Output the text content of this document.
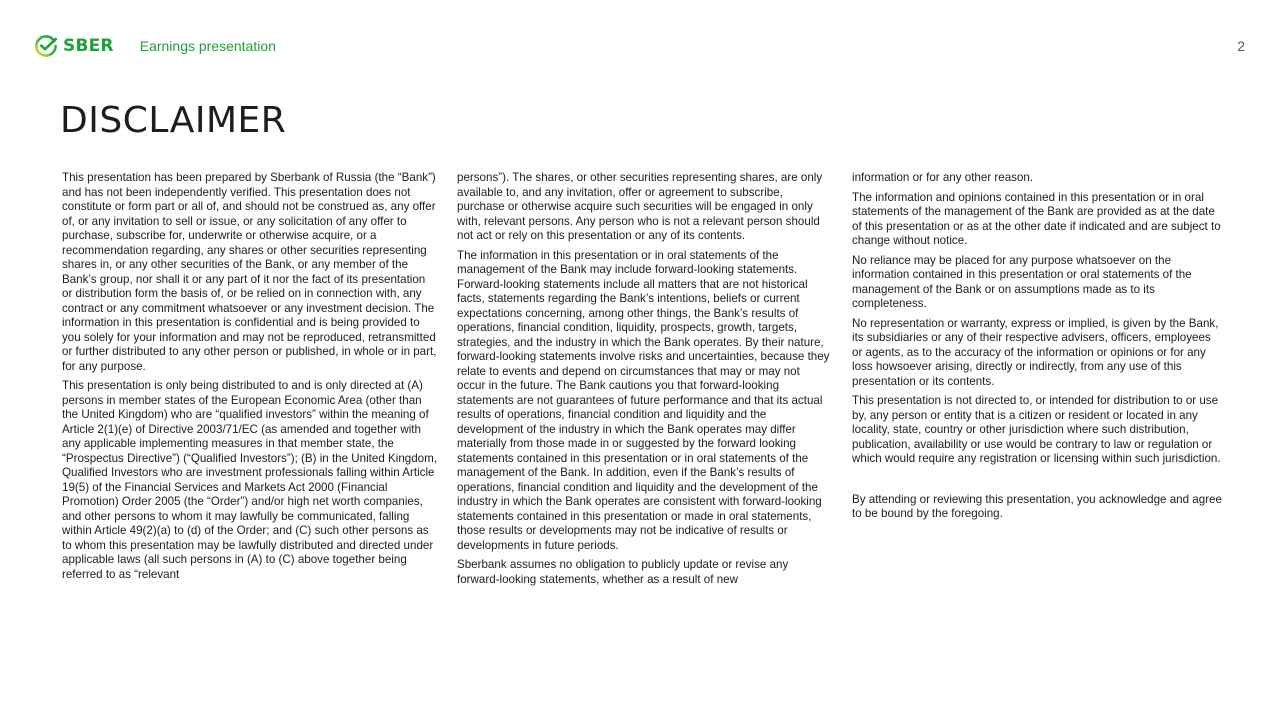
SBER Earnings presentation	2
DISCLAIMER

This presentation has been prepared by Sberbank of Russia (the “Bank”) and has not been independently verified. This presentation does not constitute or form part or all of, and should not be construed as, any offer of, or any invitation to sell or issue, or any solicitation of any offer to purchase, subscribe for, underwrite or otherwise acquire, or a recommendation regarding, any shares or other securities representing shares in, or any other securities of the Bank, or any member of the Bank’s group, nor shall it or any part of it nor the fact of its presentation or distribution form the basis of, or be relied on in connection with, any contract or any commitment whatsoever or any investment decision. The information in this presentation is confidential and is being provided to you solely for your information and may not be reproduced, retransmitted or further distributed to any other person or published, in whole or in part, for any purpose.

This presentation is only being distributed to and is only directed at (A) persons in member states of the European Economic Area (other than the United Kingdom) who are “qualified investors” within the meaning of Article 2(1)(e) of Directive 2003/71/EC (as amended and together with any applicable implementing measures in that member state, the “Prospectus Directive”) (“Qualified Investors”); (B) in the United Kingdom, Qualified Investors who are investment professionals falling within Article 19(5) of the Financial Services and Markets Act 2000 (Financial Promotion) Order 2005 (the “Order”) and/or high net worth companies, and other persons to whom it may lawfully be communicated, falling within Article 49(2)(a) to (d) of the Order; and (C) such other persons as to whom this presentation may be lawfully distributed and directed under applicable laws (all such persons in (A) to (C) above together being referred to as “relevant

persons”). The shares, or other securities representing shares, are only available to, and any invitation, offer or agreement to subscribe, purchase or otherwise acquire such securities will be engaged in only with, relevant persons. Any person who is not a relevant person should not act or rely on this presentation or any of its contents.

The information in this presentation or in oral statements of the management of the Bank may include forward-looking statements. Forward-looking statements include all matters that are not historical facts, statements regarding the Bank’s intentions, beliefs or current expectations concerning, among other things, the Bank’s results of operations, financial condition, liquidity, prospects, growth, targets, strategies, and the industry in which the Bank operates. By their nature, forward-looking statements involve risks and uncertainties, because they relate to events and depend on circumstances that may or may not occur in the future. The Bank cautions you that forward-looking statements are not guarantees of future performance and that its actual results of operations, financial condition and liquidity and the development of the industry in which the Bank operates may differ materially from those made in or suggested by the forward looking statements contained in this presentation or in oral statements of the management of the Bank. In addition, even if the Bank’s results of operations, financial condition and liquidity and the development of the industry in which the Bank operates are consistent with forward-looking statements contained in this presentation or made in oral statements, those results or developments may not be indicative of results or developments in future periods.

Sberbank assumes no obligation to publicly update or revise any forward-looking statements, whether as a result of new

information or for any other reason.

The information and opinions contained in this presentation or in oral statements of the management of the Bank are provided as at the date of this presentation or as at the other date if indicated and are subject to change without notice.

No reliance may be placed for any purpose whatsoever on the information contained in this presentation or oral statements of the management of the Bank or on assumptions made as to its completeness.

No representation or warranty, express or implied, is given by the Bank, its subsidiaries or any of their respective advisers, officers, employees or agents, as to the accuracy of the information or opinions or for any loss howsoever arising, directly or indirectly, from any use of this presentation or its contents.

This presentation is not directed to, or intended for distribution to or use by, any person or entity that is a citizen or resident or located in any locality, state, country or other jurisdiction where such distribution, publication, availability or use would be contrary to law or regulation or which would require any registration or licensing within such jurisdiction.

By attending or reviewing this presentation, you acknowledge and agree to be bound by the foregoing.
